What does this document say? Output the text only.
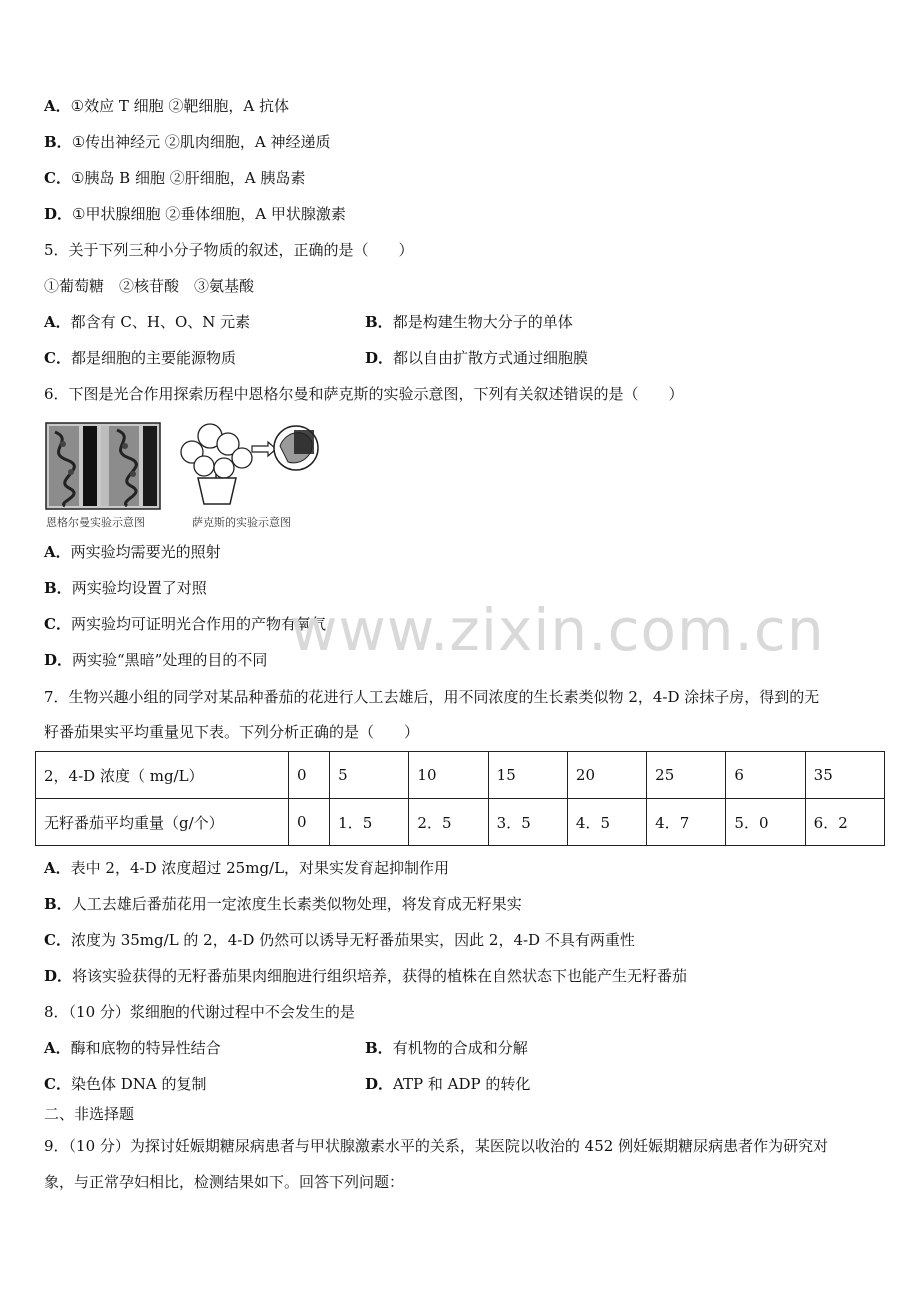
A．①效应 T 细胞 ②靶细胞，A 抗体
B．①传出神经元 ②肌肉细胞，A 神经递质
C．①胰岛 B 细胞 ②肝细胞，A 胰岛素
D．①甲状腺细胞 ②垂体细胞，A 甲状腺激素
5．关于下列三种小分子物质的叙述，正确的是（　　）
①葡萄糖　②核苷酸　③氨基酸
A．都含有 C、H、O、N 元素	B．都是构建生物大分子的单体
C．都是细胞的主要能源物质	D．都以自由扩散方式通过细胞膜
6．下图是光合作用探索历程中恩格尔曼和萨克斯的实验示意图，下列有关叙述错误的是（　　）
恩格尔曼实验示意图	萨克斯的实验示意图
A．两实验均需要光的照射
B．两实验均设置了对照
C．两实验均可证明光合作用的产物有氧气
D．两实验“黑暗”处理的目的不同 www.zixin.com.cn
7．生物兴趣小组的同学对某品种番茄的花进行人工去雄后，用不同浓度的生长素类似物 2，4-D 涂抹子房，得到的无
籽番茄果实平均重量见下表。下列分析正确的是（　　）
2，4-D 浓度（ mg/L）	0	5	10	15	20	25	6	35
无籽番茄平均重量（g/个）	0	1．5	2．5	3．5	4．5	4．7	5．0	6．2
A．表中 2，4-D 浓度超过 25mg/L，对果实发育起抑制作用
B．人工去雄后番茄花用一定浓度生长素类似物处理，将发育成无籽果实
C．浓度为 35mg/L 的 2，4-D 仍然可以诱导无籽番茄果实，因此 2，4-D 不具有两重性
D．将该实验获得的无籽番茄果肉细胞进行组织培养，获得的植株在自然状态下也能产生无籽番茄
8．（10 分）浆细胞的代谢过程中不会发生的是
A．酶和底物的特异性结合	B．有机物的合成和分解
C．染色体 DNA 的复制	D．ATP 和 ADP 的转化
二、非选择题
9．（10 分）为探讨妊娠期糖尿病患者与甲状腺激素水平的关系，某医院以收治的 452 例妊娠期糖尿病患者作为研究对
象，与正常孕妇相比，检测结果如下。回答下列问题：
